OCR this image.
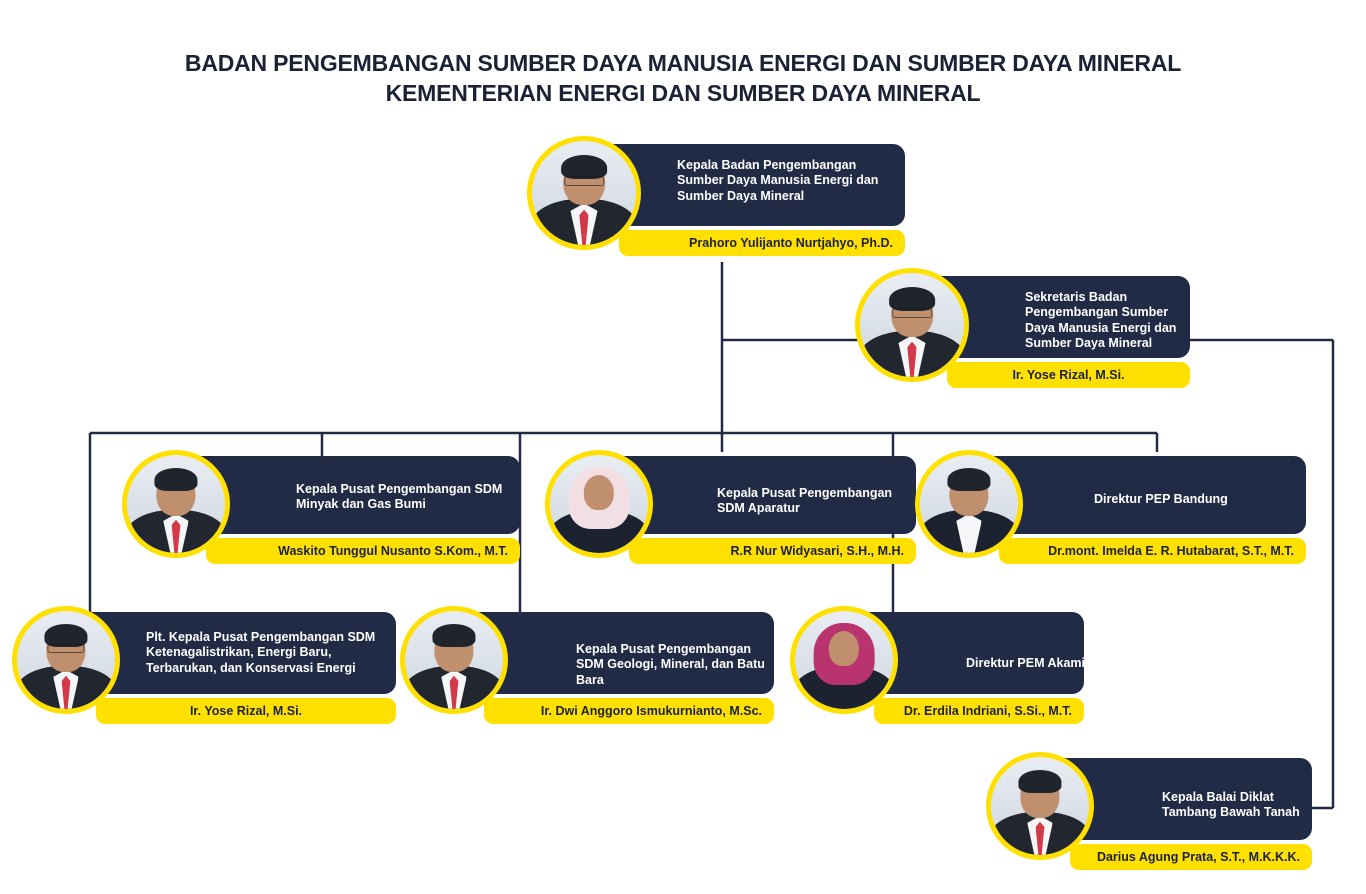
BADAN PENGEMBANGAN SUMBER DAYA MANUSIA ENERGI DAN SUMBER DAYA MINERAL
KEMENTERIAN ENERGI DAN SUMBER DAYA MINERAL
Kepala Badan Pengembangan Sumber Daya Manusia Energi dan Sumber Daya Mineral
Prahoro Yulijanto Nurtjahyo, Ph.D.
Sekretaris Badan Pengembangan Sumber Daya Manusia Energi dan Sumber Daya Mineral
Ir. Yose Rizal, M.Si.
Kepala Pusat Pengembangan SDM Minyak dan Gas Bumi
Waskito Tunggul Nusanto S.Kom., M.T.
Kepala Pusat Pengembangan SDM Aparatur
R.R Nur Widyasari, S.H., M.H.
Direktur PEP Bandung
Dr.mont. Imelda E. R. Hutabarat, S.T., M.T.
Plt. Kepala Pusat Pengembangan SDM Ketenagalistrikan, Energi Baru, Terbarukan, dan Konservasi Energi
Ir. Yose Rizal, M.Si.
Kepala Pusat Pengembangan SDM Geologi, Mineral, dan Batu Bara
Ir. Dwi Anggoro Ismukurnianto, M.Sc.
Direktur PEM Akamigas
Dr. Erdila Indriani, S.Si., M.T.
Kepala Balai Diklat Tambang Bawah Tanah
Darius Agung Prata, S.T., M.K.K.K.
